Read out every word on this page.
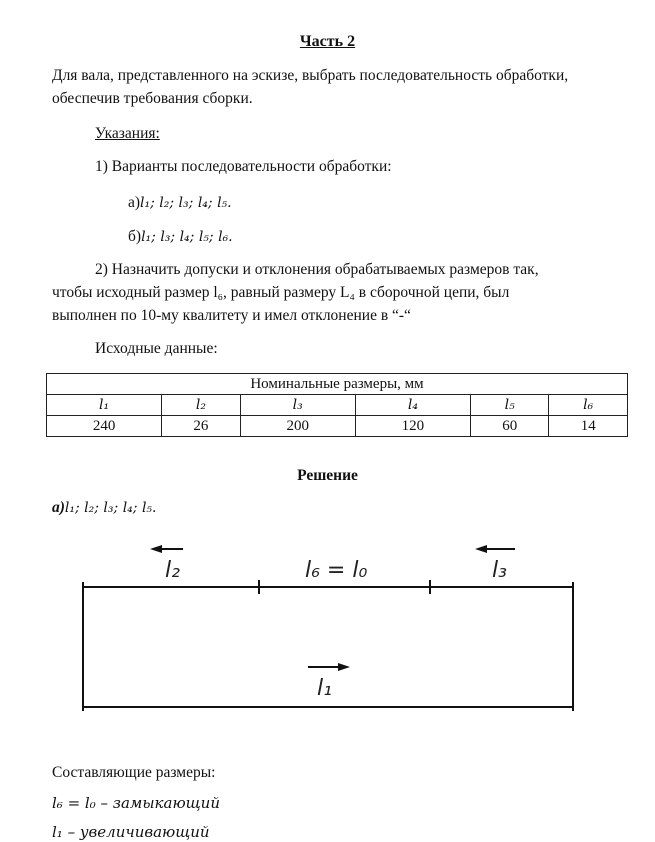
Часть 2
Для вала, представленного на эскизе, выбрать последовательность обработки,
обеспечив требования сборки.
Указания:
1) Варианты последовательности обработки:
а)l₁; l₂; l₃; l₄; l₅.
б)l₁; l₃; l₄; l₅; l₆.
2) Назначить допуски и отклонения обрабатываемых размеров так,
чтобы исходный размер l₆, равный размеру L₄ в сборочной цепи, был
выполнен по 10-му квалитету и имел отклонение в “-“
Исходные данные:
Номинальные размеры, мм					
l₁	l₂	l₃	l₄	l₅	l₆
240	26	200	120	60	14
Решение
а)l₁; l₂; l₃; l₄; l₅.
l₂	l₆ = l₀	l₃
l₁
Составляющие размеры:
l₆ = l₀ – замыкающий
l₁ – увеличивающий
